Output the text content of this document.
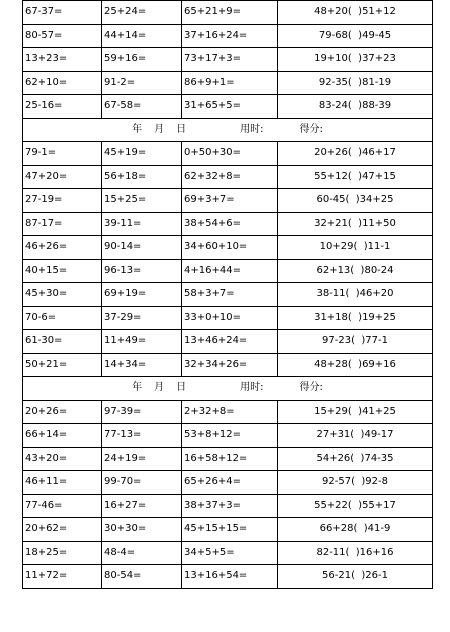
67-37=	25+24=	65+21+9=	48+20(  )51+12
80-57=	44+14=	37+16+24=	79-68(  )49-45
13+23=	59+16=	73+17+3=	19+10(  )37+23
62+10=	91-2=	86+9+1=	92-35(  )81-19
25-16=	67-58=	31+65+5=	83-24(  )88-39
年 月 日 用时: 得分:			
79-1=	45+19=	0+50+30=	20+26(  )46+17
47+20=	56+18=	62+32+8=	55+12(  )47+15
27-19=	15+25=	69+3+7=	60-45(  )34+25
87-17=	39-11=	38+54+6=	32+21(  )11+50
46+26=	90-14=	34+60+10=	10+29(  )11-1
40+15=	96-13=	4+16+44=	62+13(  )80-24
45+30=	69+19=	58+3+7=	38-11(  )46+20
70-6=	37-29=	33+0+10=	31+18(  )19+25
61-30=	11+49=	13+46+24=	97-23(  )77-1
50+21=	14+34=	32+34+26=	48+28(  )69+16
年 月 日 用时: 得分:			
20+26=	97-39=	2+32+8=	15+29(  )41+25
66+14=	77-13=	53+8+12=	27+31(  )49-17
43+20=	24+19=	16+58+12=	54+26(  )74-35
46+11=	99-70=	65+26+4=	92-57(  )92-8
77-46=	16+27=	38+37+3=	55+22(  )55+17
20+62=	30+30=	45+15+15=	66+28(  )41-9
18+25=	48-4=	34+5+5=	82-11(  )16+16
11+72=	80-54=	13+16+54=	56-21(  )26-1
